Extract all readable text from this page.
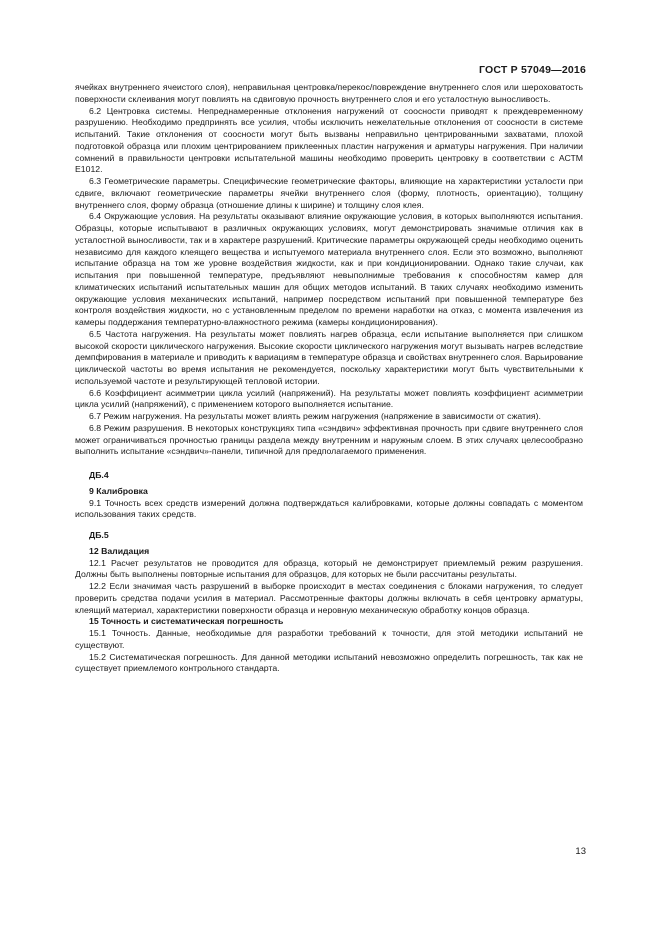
ГОСТ Р 57049—2016

ячейках внутреннего ячеистого слоя), неправильная центровка/перекос/повреждение внутреннего слоя или шероховатость поверхности склеивания могут повлиять на сдвиговую прочность внутреннего слоя и его усталостную выносливость.

6.2 Центровка системы. Непреднамеренные отклонения нагружений от соосности приводят к преждевременному разрушению. Необходимо предпринять все усилия, чтобы исключить нежелательные отклонения от соосности в системе испытаний. Такие отклонения от соосности могут быть вызваны неправильно центрированными захватами, плохой подготовкой образца или плохим центрированием приклеенных пластин нагружения и арматуры нагружения. При наличии сомнений в правильности центровки испытательной машины необходимо проверить центровку в соответствии с АСТМ Е1012.

6.3 Геометрические параметры. Специфические геометрические факторы, влияющие на характеристики усталости при сдвиге, включают геометрические параметры ячейки внутреннего слоя (форму, плотность, ориентацию), толщину внутреннего слоя, форму образца (отношение длины к ширине) и толщину слоя клея.

6.4 Окружающие условия. На результаты оказывают влияние окружающие условия, в которых выполняются испытания. Образцы, которые испытывают в различных окружающих условиях, могут демонстрировать значимые отличия как в усталостной выносливости, так и в характере разрушений. Критические параметры окружающей среды необходимо оценить независимо для каждого клеящего вещества и испытуемого материала внутреннего слоя. Если это возможно, выполняют испытание образца на том же уровне воздействия жидкости, как и при кондиционировании. Однако такие случаи, как испытания при повышенной температуре, предъявляют невыполнимые требования к способностям камер для климатических испытаний испытательных машин для общих методов испытаний. В таких случаях необходимо изменить окружающие условия механических испытаний, например посредством испытаний при повышенной температуре без контроля воздействия жидкости, но с установленным пределом по времени наработки на отказ, с момента извлечения из камеры поддержания температурно-влажностного режима (камеры кондиционирования).

6.5 Частота нагружения. На результаты может повлиять нагрев образца, если испытание выполняется при слишком высокой скорости циклического нагружения. Высокие скорости циклического нагружения могут вызывать нагрев вследствие демпфирования в материале и приводить к вариациям в температуре образца и свойствах внутреннего слоя. Варьирование циклической частоты во время испытания не рекомендуется, поскольку характеристики могут быть чувствительными к используемой частоте и результирующей тепловой истории.

6.6 Коэффициент асимметрии цикла усилий (напряжений). На результаты может повлиять коэффициент асимметрии цикла усилий (напряжений), с применением которого выполняется испытание.

6.7 Режим нагружения. На результаты может влиять режим нагружения (напряжение в зависимости от сжатия).

6.8 Режим разрушения. В некоторых конструкциях типа «сэндвич» эффективная прочность при сдвиге внутреннего слоя может ограничиваться прочностью границы раздела между внутренним и наружным слоем. В этих случаях целесообразно выполнить испытание «сэндвич»-панели, типичной для предполагаемого применения.

ДБ.4

9 Калибровка

9.1 Точность всех средств измерений должна подтверждаться калибровками, которые должны совпадать с моментом использования таких средств.

ДБ.5

12 Валидация

12.1 Расчет результатов не проводится для образца, который не демонстрирует приемлемый режим разрушения. Должны быть выполнены повторные испытания для образцов, для которых не были рассчитаны результаты.

12.2 Если значимая часть разрушений в выборке происходит в местах соединения с блоками нагружения, то следует проверить средства подачи усилия в материал. Рассмотренные факторы должны включать в себя центровку арматуры, клеящий материал, характеристики поверхности образца и неровную механическую обработку концов образца.

15 Точность и систематическая погрешность

15.1 Точность. Данные, необходимые для разработки требований к точности, для этой методики испытаний не существуют.

15.2 Систематическая погрешность. Для данной методики испытаний невозможно определить погрешность, так как не существует приемлемого контрольного стандарта.

13
